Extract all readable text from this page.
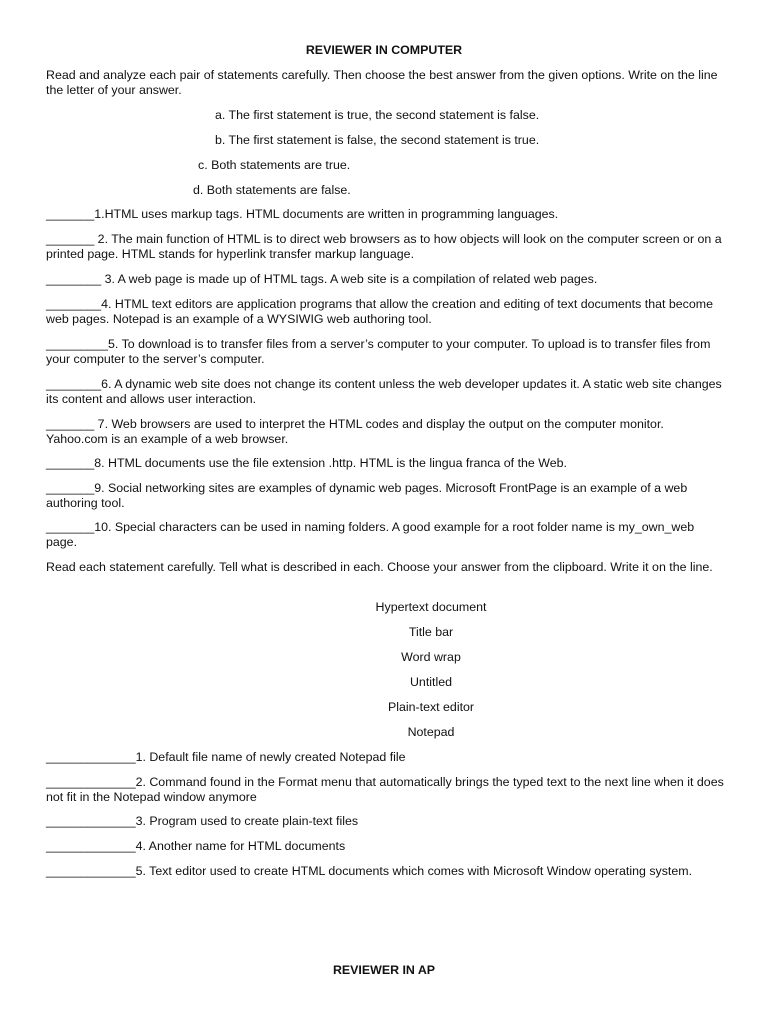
REVIEWER IN COMPUTER

Read and analyze each pair of statements carefully. Then choose the best answer from the given options. Write on the line the letter of your answer.

a. The first statement is true, the second statement is false.
b. The first statement is false, the second statement is true.
c. Both statements are true.
d. Both statements are false.

_______1.HTML uses markup tags. HTML documents are written in programming languages.

_______ 2. The main function of HTML is to direct web browsers as to how objects will look on the computer screen or on a printed page. HTML stands for hyperlink transfer markup language.

________ 3. A web page is made up of HTML tags. A web site is a compilation of related web pages.

________4. HTML text editors are application programs that allow the creation and editing of text documents that become web pages. Notepad is an example of a WYSIWIG web authoring tool.

_________5. To download is to transfer files from a server’s computer to your computer. To upload is to transfer files from your computer to the server’s computer.

________6. A dynamic web site does not change its content unless the web developer updates it. A static web site changes its content and allows user interaction.

_______ 7. Web browsers are used to interpret the HTML codes and display the output on the computer monitor. Yahoo.com is an example of a web browser.

_______8. HTML documents use the file extension .http. HTML is the lingua franca of the Web.

_______9. Social networking sites are examples of dynamic web pages. Microsoft FrontPage is an example of a web authoring tool.

_______10. Special characters can be used in naming folders. A good example for a root folder name is my_own_web page.

Read each statement carefully. Tell what is described in each. Choose your answer from the clipboard. Write it on the line.

Hypertext document
Title bar
Word wrap
Untitled
Plain-text editor
Notepad

_____________1. Default file name of newly created Notepad file

_____________2. Command found in the Format menu that automatically brings the typed text to the next line when it does not fit in the Notepad window anymore

_____________3. Program used to create plain-text files

_____________4. Another name for HTML documents

_____________5. Text editor used to create HTML documents which comes with Microsoft Window operating system.

REVIEWER IN AP
